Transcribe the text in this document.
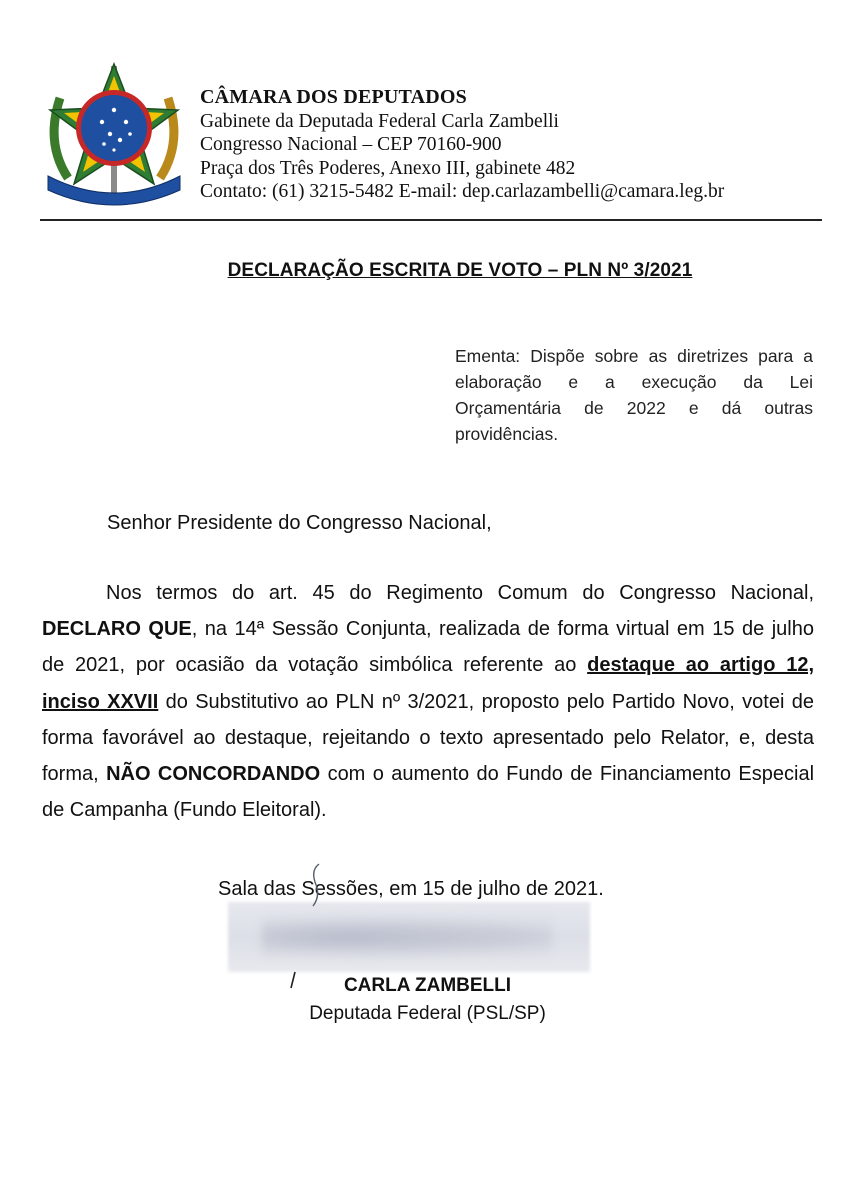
CÂMARA DOS DEPUTADOS
Gabinete da Deputada Federal Carla Zambelli
Congresso Nacional – CEP 70160-900
Praça dos Três Poderes, Anexo III, gabinete 482
Contato: (61) 3215-5482 E-mail: dep.carlazambelli@camara.leg.br
DECLARAÇÃO ESCRITA DE VOTO – PLN Nº 3/2021
Ementa: Dispõe sobre as diretrizes para a elaboração e a execução da Lei Orçamentária de 2022 e dá outras providências.
Senhor Presidente do Congresso Nacional,
Nos termos do art. 45 do Regimento Comum do Congresso Nacional, DECLARO QUE, na 14ª Sessão Conjunta, realizada de forma virtual em 15 de julho de 2021, por ocasião da votação simbólica referente ao destaque ao artigo 12, inciso XXVII do Substitutivo ao PLN nº 3/2021, proposto pelo Partido Novo, votei de forma favorável ao destaque, rejeitando o texto apresentado pelo Relator, e, desta forma, NÃO CONCORDANDO com o aumento do Fundo de Financiamento Especial de Campanha (Fundo Eleitoral).
Sala das Sessões, em 15 de julho de 2021.
CARLA ZAMBELLI
Deputada Federal (PSL/SP)
